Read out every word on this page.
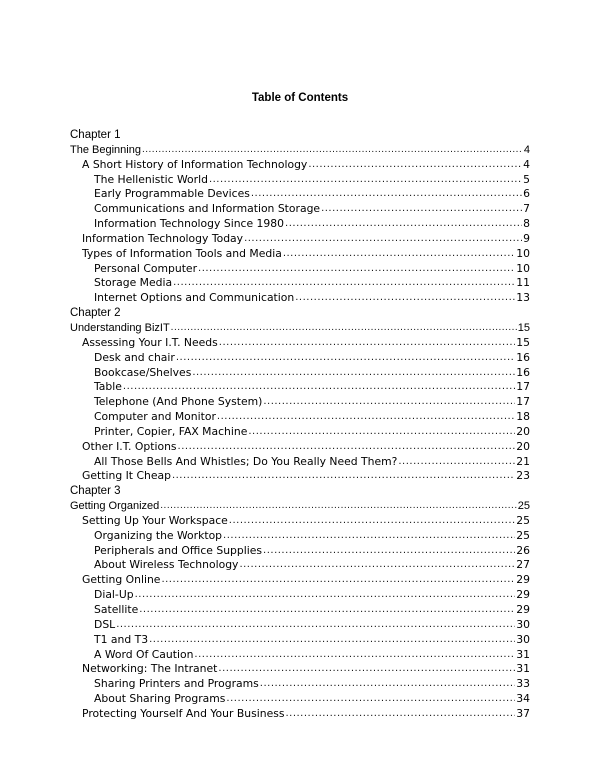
Table of Contents
Chapter 1
The Beginning .....	4
A Short History of Information Technology .....	4
The Hellenistic World .....	5
Early Programmable Devices .....	6
Communications and Information Storage .....	7
Information Technology Since 1980 .....	8
Information Technology Today .....	9
Types of Information Tools and Media .....	10
Personal Computer .....	10
Storage Media .....	11
Internet Options and Communication .....	13
Chapter 2
Understanding BizIT .....	15
Assessing Your I.T. Needs .....	15
Desk and chair .....	16
Bookcase/Shelves .....	16
Table .....	17
Telephone (And Phone System) .....	17
Computer and Monitor .....	18
Printer, Copier, FAX Machine .....	20
Other I.T. Options .....	20
All Those Bells And Whistles; Do You Really Need Them? .....	21
Getting It Cheap .....	23
Chapter 3
Getting Organized .....	25
Setting Up Your Workspace .....	25
Organizing the Worktop .....	25
Peripherals and Office Supplies .....	26
About Wireless Technology .....	27
Getting Online .....	29
Dial-Up .....	29
Satellite .....	29
DSL .....	30
T1 and T3 .....	30
A Word Of Caution .....	31
Networking: The Intranet .....	31
Sharing Printers and Programs .....	33
About Sharing Programs .....	34
Protecting Yourself And Your Business .....	37
